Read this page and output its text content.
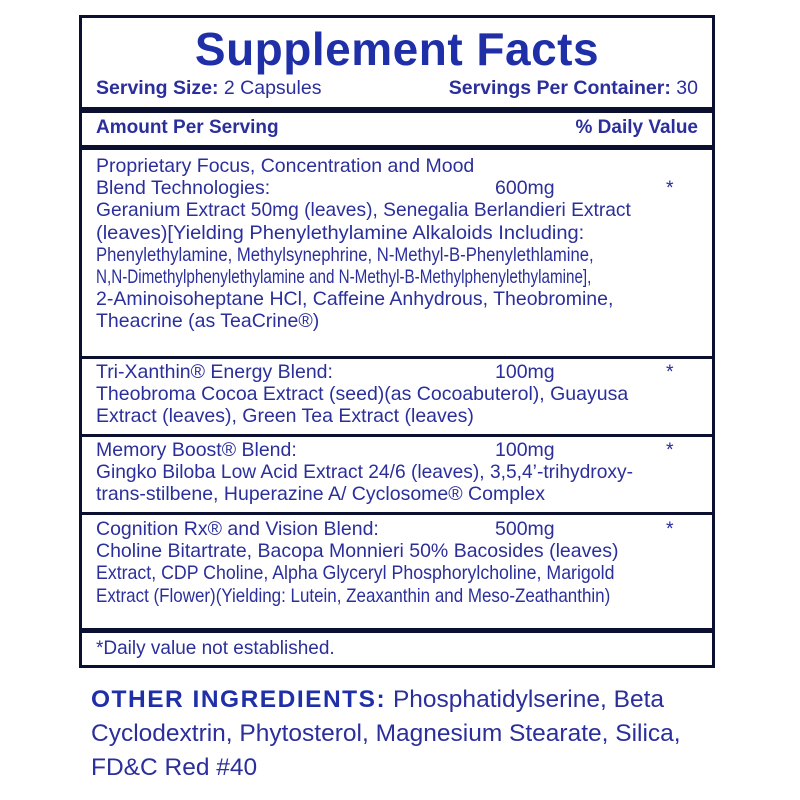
Supplement Facts
Serving Size: 2 Capsules	Servings Per Container: 30
Amount Per Serving	% Daily Value
Proprietary Focus, Concentration and Mood
Blend Technologies:	600mg	*
Geranium Extract 50mg (leaves), Senegalia Berlandieri Extract
(leaves)[Yielding Phenylethylamine Alkaloids Including:
Phenylethylamine, Methylsynephrine, N-Methyl-B-Phenylethlamine,
N,N-Dimethylphenylethylamine and N-Methyl-B-Methylphenylethylamine],
2-Aminoisoheptane HCl, Caffeine Anhydrous, Theobromine,
Theacrine (as TeaCrine®)
Tri-Xanthin® Energy Blend:	100mg	*
Theobroma Cocoa Extract (seed)(as Cocoabuterol), Guayusa
Extract (leaves), Green Tea Extract (leaves)
Memory Boost® Blend:	100mg	*
Gingko Biloba Low Acid Extract 24/6 (leaves), 3,5,4’-trihydroxy-
trans-stilbene, Huperazine A/ Cyclosome® Complex
Cognition Rx® and Vision Blend:	500mg	*
Choline Bitartrate, Bacopa Monnieri 50% Bacosides (leaves)
Extract, CDP Choline, Alpha Glyceryl Phosphorylcholine, Marigold
Extract (Flower)(Yielding: Lutein, Zeaxanthin and Meso-Zeathanthin)
*Daily value not established.
OTHER INGREDIENTS: Phosphatidylserine, Beta Cyclodextrin, Phytosterol, Magnesium Stearate, Silica, FD&C Red #40
